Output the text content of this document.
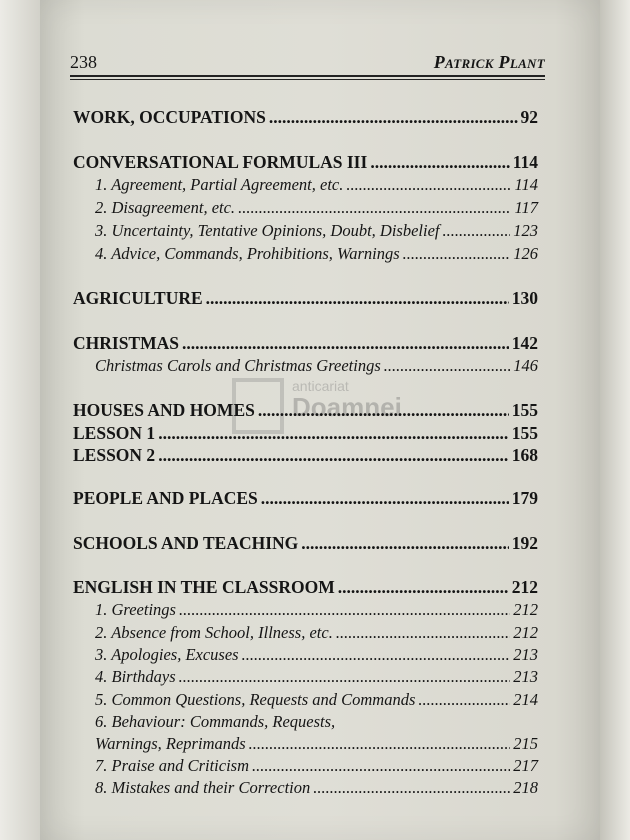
238	Patrick Plant
anticariat
Doamnei
WORK, OCCUPATIONS .....	92
CONVERSATIONAL FORMULAS III .....	114
1. Agreement, Partial Agreement, etc. .....	114
2. Disagreement, etc. .....	117
3. Uncertainty, Tentative Opinions, Doubt, Disbelief .....	123
4. Advice, Commands, Prohibitions, Warnings .....	126
AGRICULTURE .....	130
CHRISTMAS .....	142
Christmas Carols and Christmas Greetings .....	146
HOUSES AND HOMES .....	155
LESSON 1 .....	155
LESSON 2 .....	168
PEOPLE AND PLACES .....	179
SCHOOLS AND TEACHING .....	192
ENGLISH IN THE CLASSROOM .....	212
1. Greetings .....	212
2. Absence from School, Illness, etc. .....	212
3. Apologies, Excuses .....	213
4. Birthdays .....	213
5. Common Questions, Requests and Commands .....	214
6. Behaviour: Commands, Requests,
Warnings, Reprimands .....	215
7. Praise and Criticism .....	217
8. Mistakes and their Correction .....	218
